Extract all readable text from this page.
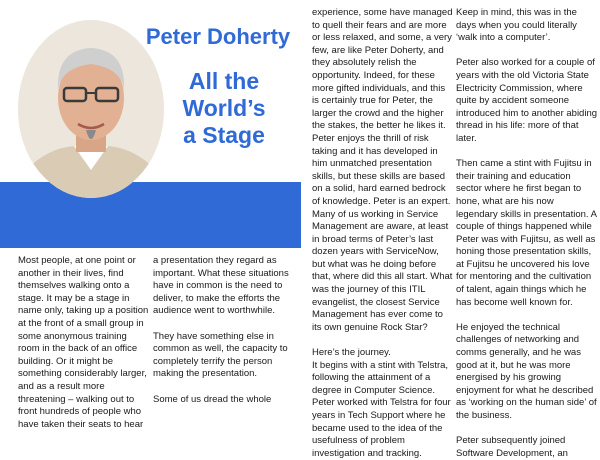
Peter Doherty
All the
World’s
a Stage

Most people, at one point or another in their lives, find themselves walking onto a stage. It may be a stage in name only, taking up a position at the front of a small group in some anonymous training room in the back of an office building. Or it might be something considerably larger, and as a result more threatening – walking out to front hundreds of people who have taken their seats to hear

a presentation they regard as important. What these situations have in common is the need to deliver, to make the efforts the audience went to worthwhile.

They have something else in common as well, the capacity to completely terrify the person making the presentation.

Some of us dread the whole

experience, some have managed to quell their fears and are more or less relaxed, and some, a very few, are like Peter Doherty, and they absolutely relish the opportunity. Indeed, for these more gifted individuals, and this is certainly true for Peter, the larger the crowd and the higher the stakes, the better he likes it. Peter enjoys the thrill of risk taking and it has developed in him unmatched presentation skills, but these skills are based on a solid, hard earned bedrock of knowledge. Peter is an expert. Many of us working in Service Management are aware, at least in broad terms of Peter’s last dozen years with ServiceNow, but what was he doing before that, where did this all start. What was the journey of this ITIL evangelist, the closest Service Management has ever come to its own genuine Rock Star?

Here’s the journey.

It begins with a stint with Telstra, following the attainment of a degree in Computer Science. Peter worked with Telstra for four years in Tech Support where he became used to the idea of the usefulness of problem investigation and tracking.

Keep in mind, this was in the days when you could literally ‘walk into a computer’.

Peter also worked for a couple of years with the old Victoria State Electricity Commission, where quite by accident someone introduced him to another abiding thread in his life: more of that later.

Then came a stint with Fujitsu in their training and education sector where he first began to hone, what are his now legendary skills in presentation. A couple of things happened while Peter was with Fujitsu, as well as honing those presentation skills, at Fujitsu he uncovered his love for mentoring and the cultivation of talent, again things which he has become well known for.

He enjoyed the technical challenges of networking and comms generally, and he was good at it, but he was more energised by his growing enjoyment for what he described as ‘working on the human side’ of the business.

Peter subsequently joined Software Development, an
